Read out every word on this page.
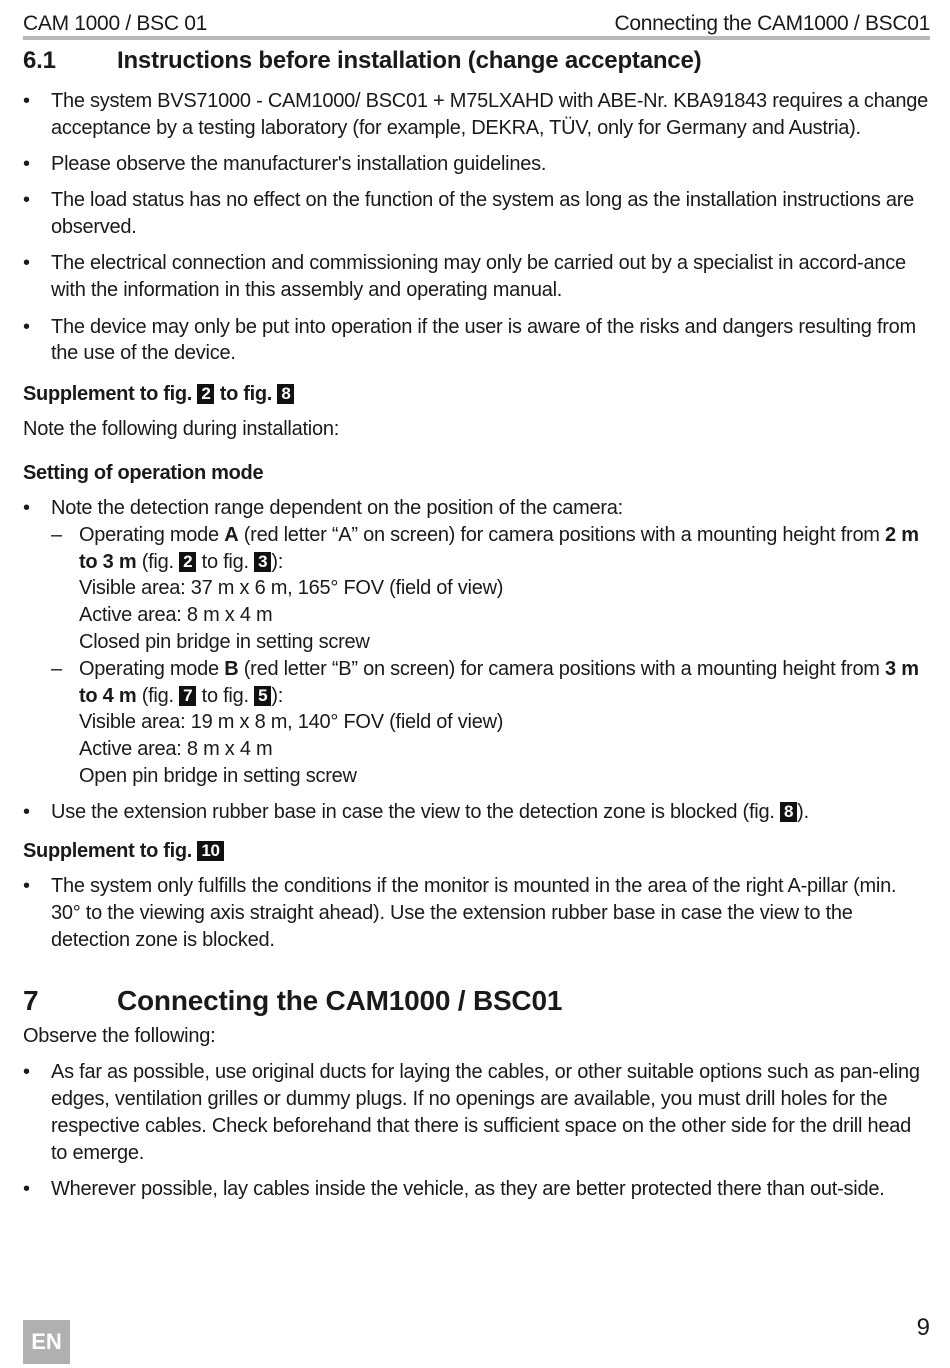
CAM 1000 / BSC 01	Connecting the CAM1000 / BSC01
6.1	Instructions before installation (change acceptance)
• The system BVS71000 - CAM1000/ BSC01 + M75LXAHD with ABE-Nr. KBA91843 requires a change acceptance by a testing laboratory (for example, DEKRA, TÜV, only for Germany and Austria).
• Please observe the manufacturer's installation guidelines.
• The load status has no effect on the function of the system as long as the installation instructions are observed.
• The electrical connection and commissioning may only be carried out by a specialist in accord-ance with the information in this assembly and operating manual.
• The device may only be put into operation if the user is aware of the risks and dangers resulting from the use of the device.
Supplement to fig. 2 to fig. 8

Note the following during installation:

Setting of operation mode
• Note the detection range dependent on the position of the camera:
– Operating mode A (red letter “A” on screen) for camera positions with a mounting height from 2 m to 3 m (fig. 2 to fig. 3 ):
Visible area: 37 m x 6 m, 165° FOV (field of view)
Active area: 8 m x 4 m
Closed pin bridge in setting screw
– Operating mode B (red letter “B” on screen) for camera positions with a mounting height from 3 m to 4 m (fig. 7 to fig. 5 ):
Visible area: 19 m x 8 m, 140° FOV (field of view)
Active area: 8 m x 4 m
Open pin bridge in setting screw
• Use the extension rubber base in case the view to the detection zone is blocked (fig. 8 ).
Supplement to fig. 10
• The system only fulfills the conditions if the monitor is mounted in the area of the right A-pillar (min. 30° to the viewing axis straight ahead). Use the extension rubber base in case the view to the detection zone is blocked.
7	Connecting the CAM1000 / BSC01

Observe the following:

• As far as possible, use original ducts for laying the cables, or other suitable options such as pan-eling edges, ventilation grilles or dummy plugs. If no openings are available, you must drill holes for the respective cables. Check beforehand that there is sufficient space on the other side for the drill head to emerge.
• Wherever possible, lay cables inside the vehicle, as they are better protected there than out-side.
EN
9
